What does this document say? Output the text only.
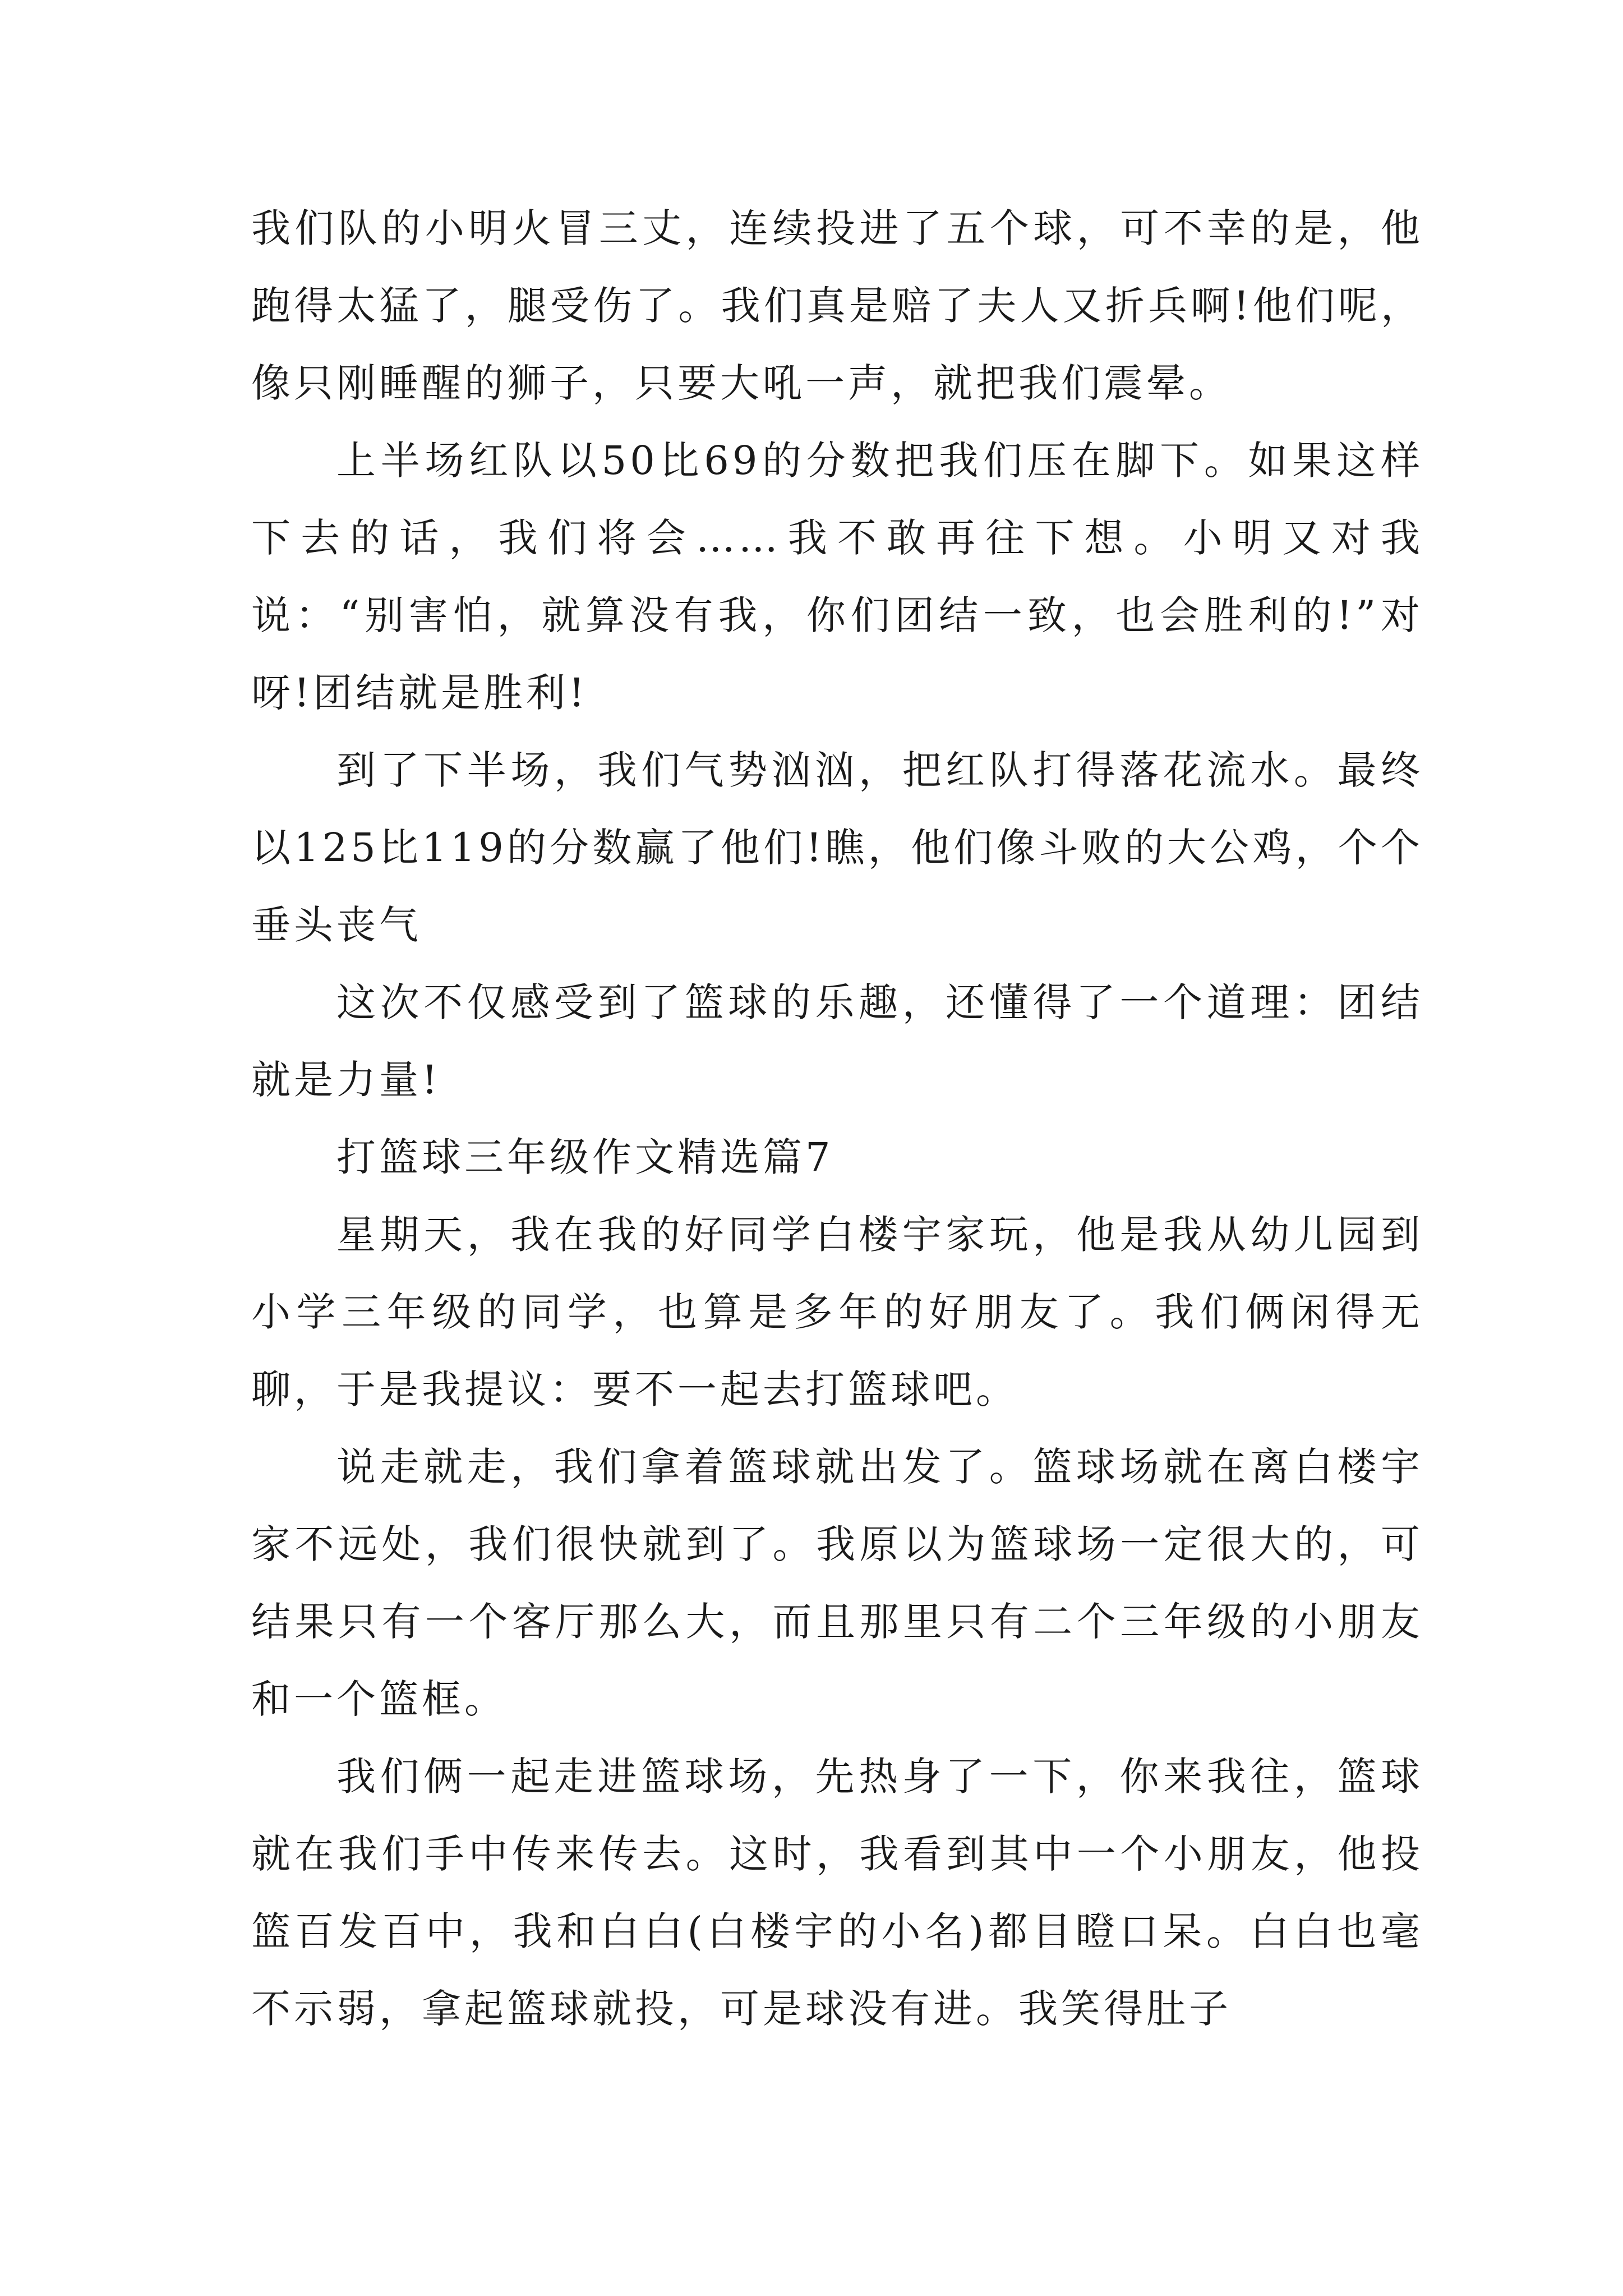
我们队的小明火冒三丈，连续投进了五个球，可不幸的是，他跑得太猛了，腿受伤了。我们真是赔了夫人又折兵啊!他们呢，像只刚睡醒的狮子，只要大吼一声，就把我们震晕。

上半场红队以50比69的分数把我们压在脚下。如果这样下去的话，我们将会……我不敢再往下想。小明又对我说：“别害怕，就算没有我，你们团结一致，也会胜利的!”对呀!团结就是胜利!

到了下半场，我们气势汹汹，把红队打得落花流水。最终以125比119的分数赢了他们!瞧，他们像斗败的大公鸡，个个垂头丧气

这次不仅感受到了篮球的乐趣，还懂得了一个道理：团结就是力量!

打篮球三年级作文精选篇7

星期天，我在我的好同学白楼宇家玩，他是我从幼儿园到小学三年级的同学，也算是多年的好朋友了。我们俩闲得无聊，于是我提议：要不一起去打篮球吧。

说走就走，我们拿着篮球就出发了。篮球场就在离白楼宇家不远处，我们很快就到了。我原以为篮球场一定很大的，可结果只有一个客厅那么大，而且那里只有二个三年级的小朋友和一个篮框。

我们俩一起走进篮球场，先热身了一下，你来我往，篮球就在我们手中传来传去。这时，我看到其中一个小朋友，他投篮百发百中，我和白白(白楼宇的小名)都目瞪口呆。白白也毫不示弱，拿起篮球就投，可是球没有进。我笑得肚子
